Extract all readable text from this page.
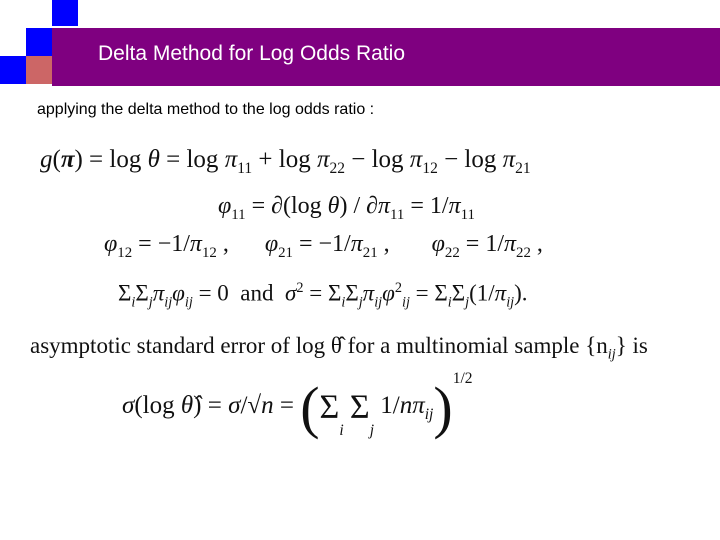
Delta Method for Log Odds Ratio
applying the delta method to the log odds ratio :
$g(\pi) = \log \theta = \log \pi_{11} + \log \pi_{22} - \log \pi_{12} - \log \pi_{21}$
$\varphi_{11} = \partial(\log$ $\theta) / \partial\pi_{11} = 1/\pi_{11}$
$\varphi_{12} = -1/\pi_{12}$ ,      $\varphi_{21} = -1/\pi_{21}$ ,       $\varphi_{22} = 1/\pi_{22}$ ,
$\Sigma_i\Sigma_j\pi_{ij}\varphi_{ij} = 0$  and  $\sigma^2 = \Sigma_i\Sigma_j\pi_{ij}\varphi^2_{ij} = \Sigma_i\Sigma_j(1/\pi_{ij})$.
asymptotic standard error of log θ̂ for a multinomial sample $\{n_{ij}\}$ is
σ(log θ̂) = $\sigma/√n = (\Sigma_i$ $\Sigma_j$ $1/n\pi_{ij})^{1/2}$
